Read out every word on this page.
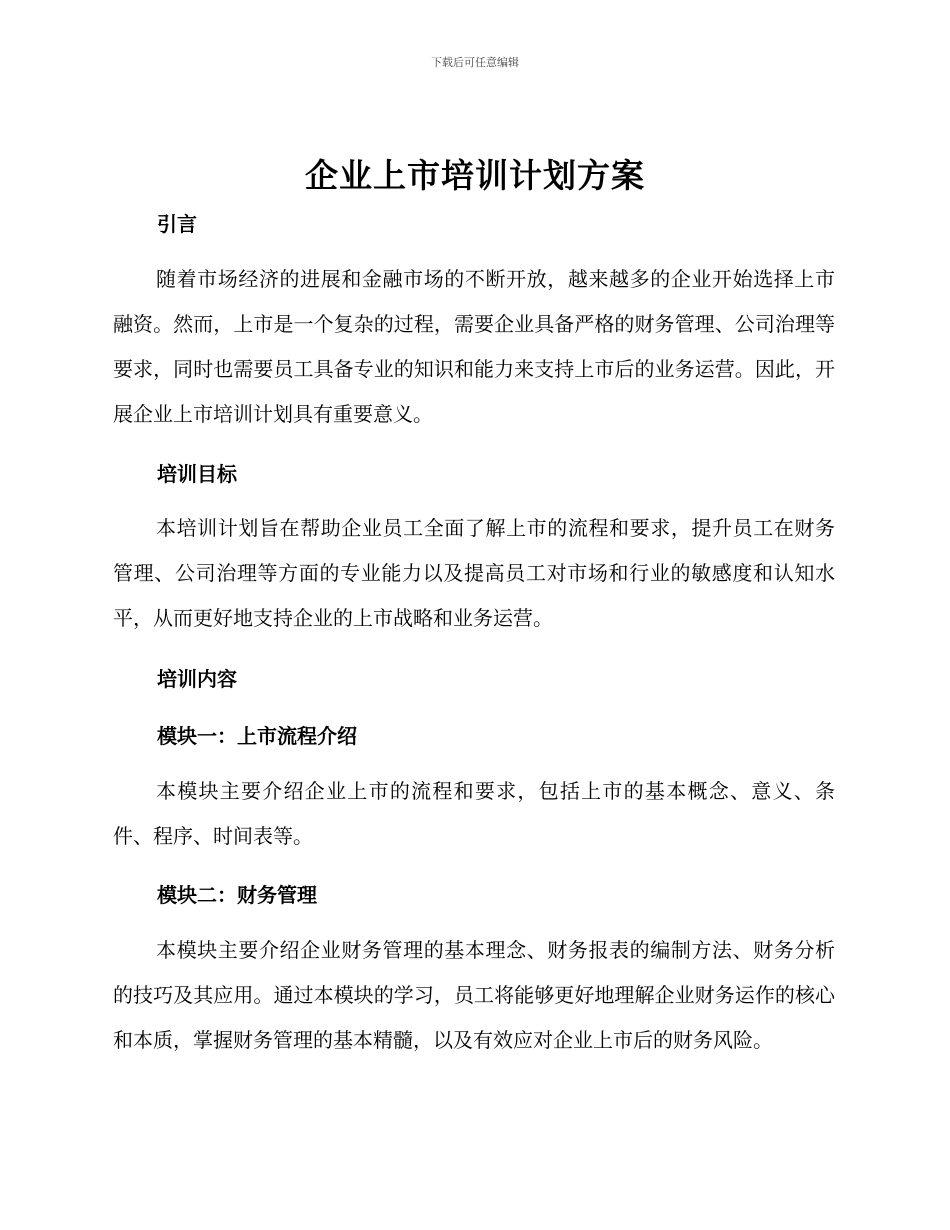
下载后可任意编辑
企业上市培训计划方案
引言

随着市场经济的进展和金融市场的不断开放，越来越多的企业开始选择上市融资。然而，上市是一个复杂的过程，需要企业具备严格的财务管理、公司治理等要求，同时也需要员工具备专业的知识和能力来支持上市后的业务运营。因此，开展企业上市培训计划具有重要意义。

培训目标

本培训计划旨在帮助企业员工全面了解上市的流程和要求，提升员工在财务管理、公司治理等方面的专业能力以及提高员工对市场和行业的敏感度和认知水平，从而更好地支持企业的上市战略和业务运营。

培训内容
模块一：上市流程介绍

本模块主要介绍企业上市的流程和要求，包括上市的基本概念、意义、条件、程序、时间表等。

模块二：财务管理

本模块主要介绍企业财务管理的基本理念、财务报表的编制方法、财务分析的技巧及其应用。通过本模块的学习，员工将能够更好地理解企业财务运作的核心和本质，掌握财务管理的基本精髓，以及有效应对企业上市后的财务风险。
